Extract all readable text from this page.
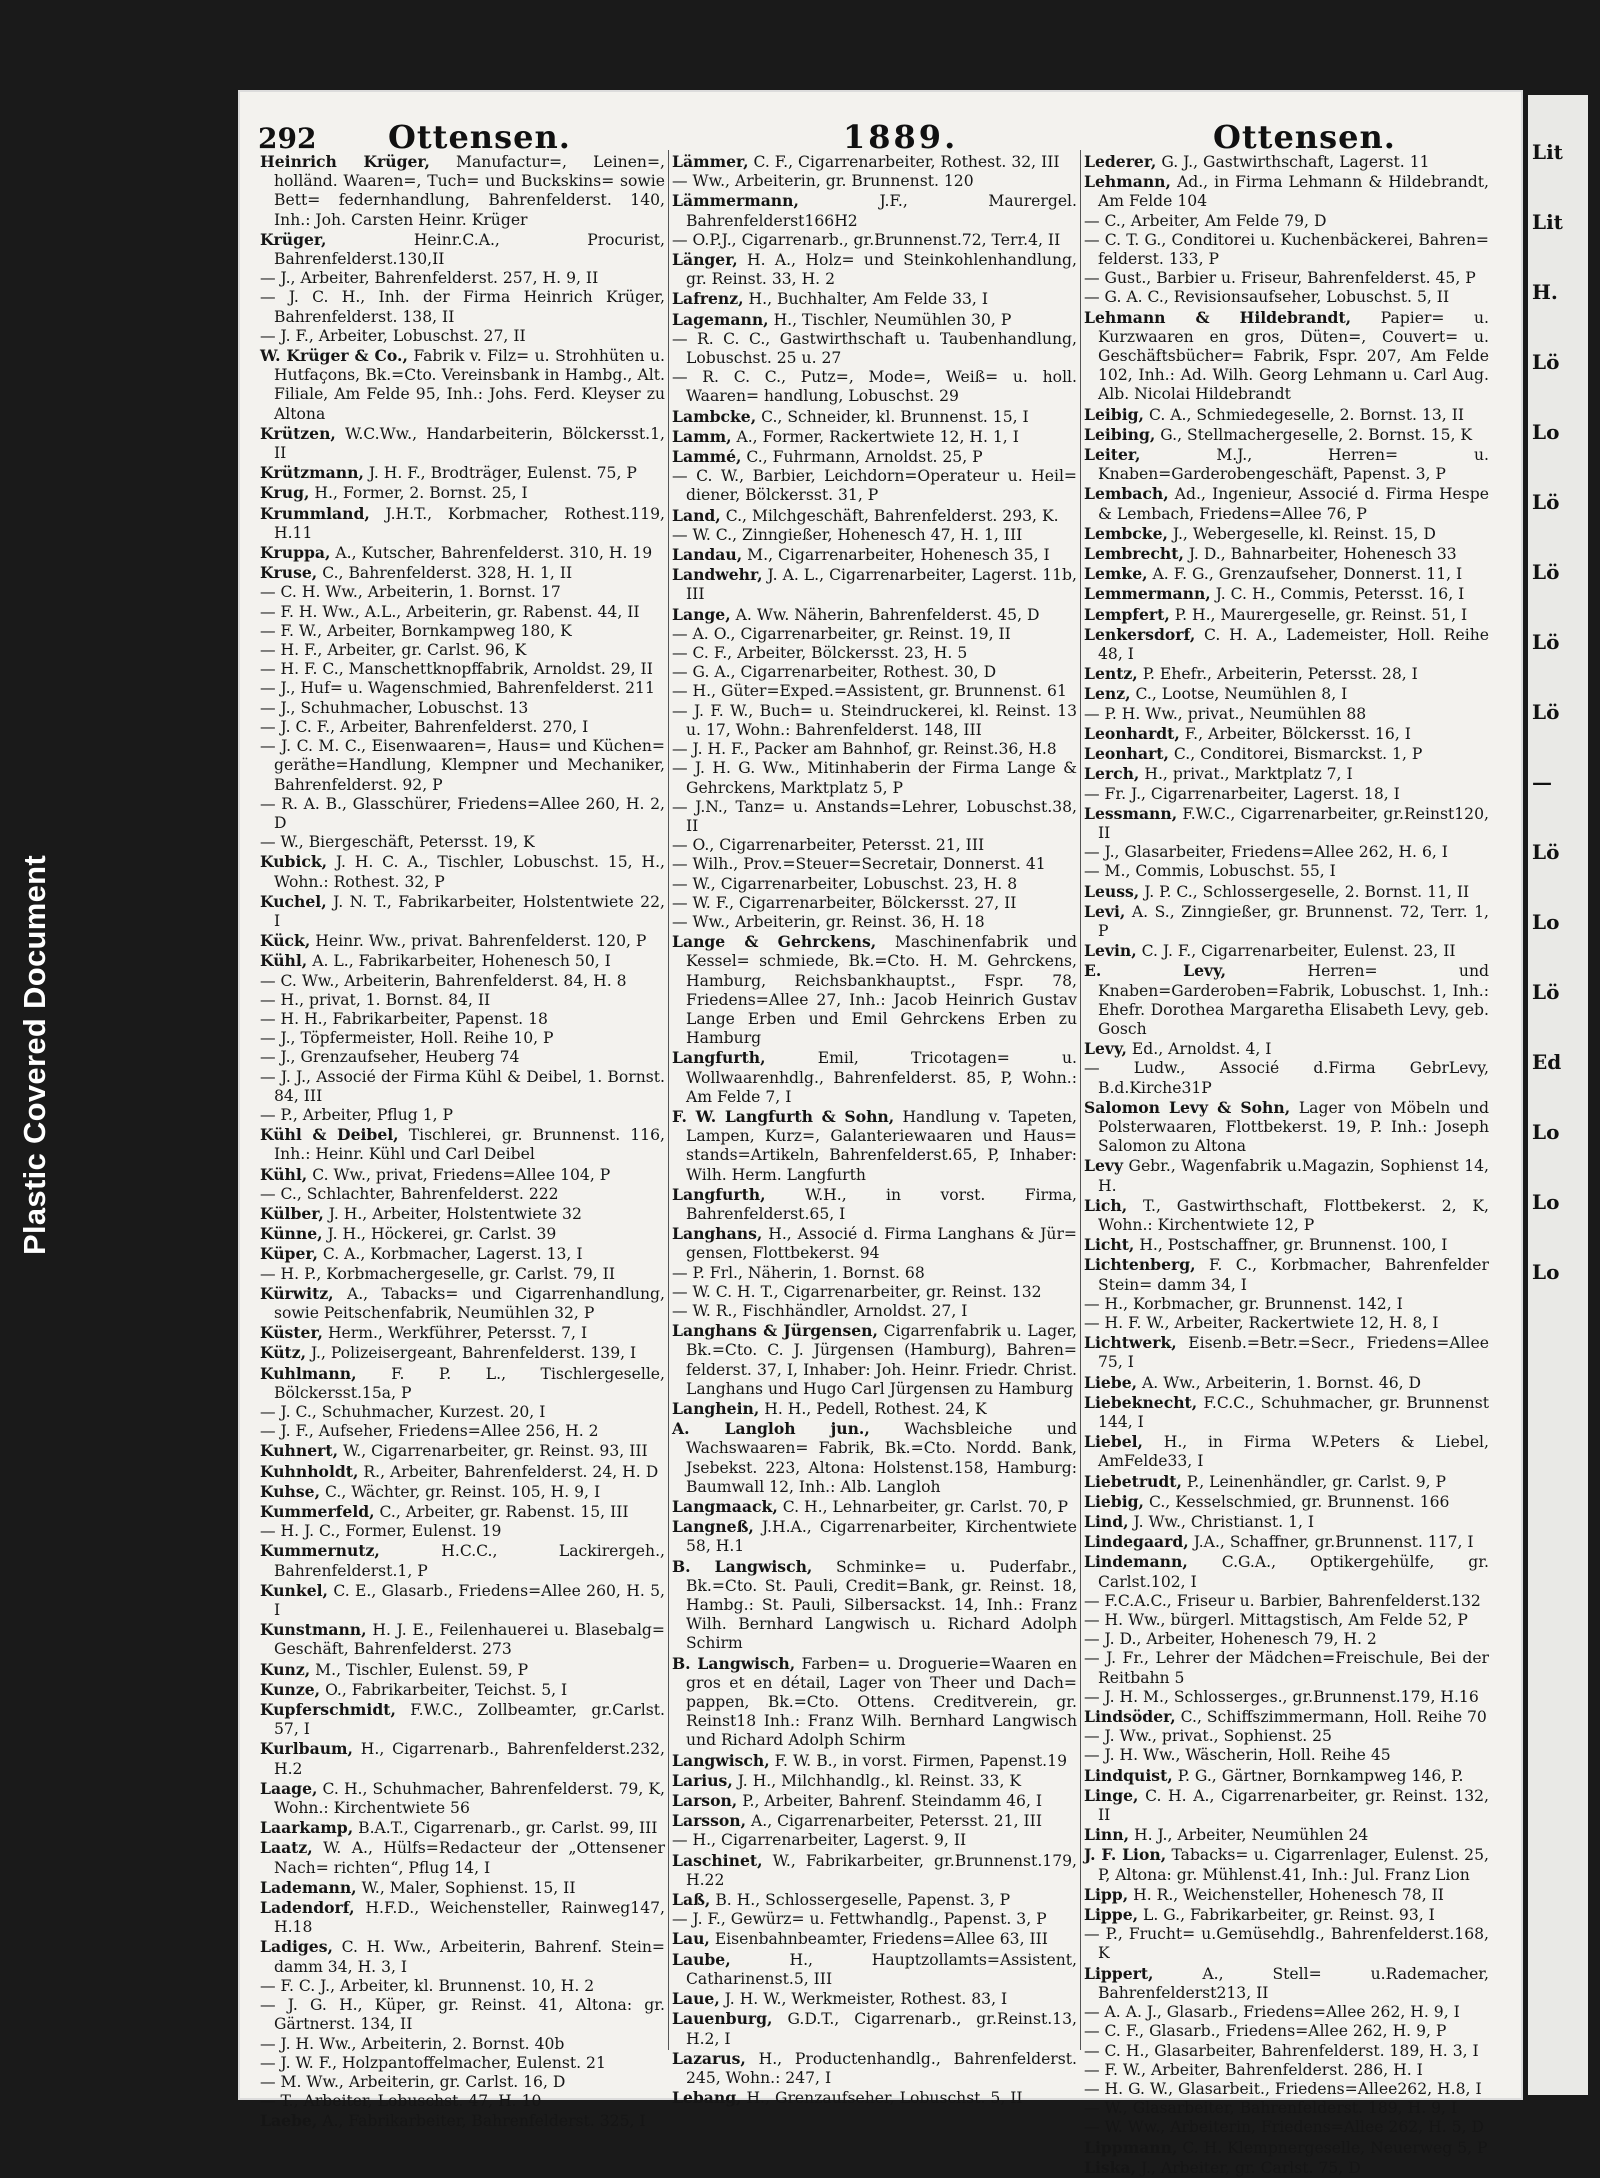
Plastic Covered Document
Lit
Lit
H.
Lö
Lo
Lö
Lö
Lö
Lö
—
Lö
Lo
Lö
Ed
Lo
Lo
Lo
292 Ottensen.	1889.	Ottensen.
Heinrich Krüger, Manufactur=, Leinen=, holländ. Waaren=, Tuch= und Buckskins= sowie Bett= federnhandlung, Bahrenfelderst. 140, Inh.: Joh. Carsten Heinr. Krüger
Krüger,	Heinr.C.A., Procurist, Bahrenfelderst.130,II
— J., Arbeiter, Bahrenfelderst. 257, H. 9, II
— J. C. H., Inh. der Firma Heinrich Krüger, Bahrenfelderst. 138, II
— J. F., Arbeiter, Lobuschst. 27, II
W. Krüger & Co., Fabrik v. Filz= u. Strohhüten u. Hutfaçons, Bk.=Cto. Vereinsbank in Hambg., Alt. Filiale, Am Felde 95, Inh.: Johs. Ferd. Kleyser zu Altona
Krützen, W.C.Ww., Handarbeiterin, Bölckersst.1, II
Krützmann, J. H. F., Brodträger, Eulenst. 75, P
Krug, H., Former, 2. Bornst. 25, I
Krummland, J.H.T., Korbmacher, Rothest.119, H.11
Kruppa, A., Kutscher, Bahrenfelderst. 310, H. 19
Kruse, C., Bahrenfelderst. 328, H. 1, II
— C. H. Ww., Arbeiterin, 1. Bornst. 17
— F. H. Ww., A.L., Arbeiterin, gr. Rabenst. 44, II
— F. W., Arbeiter, Bornkampweg 180, K
— H. F., Arbeiter, gr. Carlst. 96, K
— H. F. C., Manschettknopffabrik, Arnoldst. 29, II
— J., Huf= u. Wagenschmied, Bahrenfelderst. 211
— J., Schuhmacher, Lobuschst. 13
— J. C. F., Arbeiter, Bahrenfelderst. 270, I
— J. C. M. C., Eisenwaaren=, Haus= und Küchen= geräthe=Handlung, Klempner und Mechaniker, Bahrenfelderst. 92, P
— R. A. B., Glasschürer, Friedens=Allee 260, H. 2, D
— W., Biergeschäft, Petersst. 19, K
Kubick, J. H. C. A., Tischler, Lobuschst. 15, H., Wohn.: Rothest. 32, P
Kuchel, J. N. T., Fabrikarbeiter, Holstentwiete 22, I
Kück, Heinr. Ww., privat. Bahrenfelderst. 120, P
Kühl, A. L., Fabrikarbeiter, Hohenesch 50, I
— C. Ww., Arbeiterin, Bahrenfelderst. 84, H. 8
— H., privat, 1. Bornst. 84, II
— H. H., Fabrikarbeiter, Papenst. 18
— J., Töpfermeister, Holl. Reihe 10, P
— J., Grenzaufseher, Heuberg 74
— J. J., Associé der Firma Kühl & Deibel, 1. Bornst. 84, III
— P., Arbeiter, Pflug 1, P
Kühl & Deibel, Tischlerei, gr. Brunnenst. 116, Inh.: Heinr. Kühl und Carl Deibel
Kühl, C. Ww., privat, Friedens=Allee 104, P
— C., Schlachter, Bahrenfelderst. 222
Külber, J. H., Arbeiter, Holstentwiete 32
Künne, J. H., Höckerei, gr. Carlst. 39
Küper, C. A., Korbmacher, Lagerst. 13, I
— H. P., Korbmachergeselle, gr. Carlst. 79, II
Kürwitz, A., Tabacks= und Cigarrenhandlung, sowie Peitschenfabrik, Neumühlen 32, P
Küster, Herm., Werkführer, Petersst. 7, I
Kütz, J., Polizeisergeant, Bahrenfelderst. 139, I
Kuhlmann, F. P. L., Tischlergeselle, Bölckersst.15a, P
— J. C., Schuhmacher, Kurzest. 20, I
— J. F., Aufseher, Friedens=Allee 256, H. 2
Kuhnert, W., Cigarrenarbeiter, gr. Reinst. 93, III
Kuhnholdt, R., Arbeiter, Bahrenfelderst. 24, H. D
Kuhse, C., Wächter, gr. Reinst. 105, H. 9, I
Kummerfeld, C., Arbeiter, gr. Rabenst. 15, III
— H. J. C., Former, Eulenst. 19
Kummernutz,	H.C.C., Lackirergeh., Bahrenfelderst.1, P
Kunkel, C. E., Glasarb., Friedens=Allee 260, H. 5, I
Kunstmann, H. J. E., Feilenhauerei u. Blasebalg= Geschäft, Bahrenfelderst. 273
Kunz, M., Tischler, Eulenst. 59, P
Kunze, O., Fabrikarbeiter, Teichst. 5, I
Kupferschmidt, F.W.C., Zollbeamter, gr.Carlst. 57, I
Kurlbaum, H., Cigarrenarb., Bahrenfelderst.232, H.2
Laage, C. H., Schuhmacher, Bahrenfelderst. 79, K, Wohn.: Kirchentwiete 56
Laarkamp, B.A.T., Cigarrenarb., gr. Carlst. 99, III
Laatz, W. A., Hülfs=Redacteur der „Ottensener Nach= richten“, Pflug 14, I
Lademann, W., Maler, Sophienst. 15, II
Ladendorf, H.F.D., Weichensteller, Rainweg147, H.18
Ladiges, C. H. Ww., Arbeiterin, Bahrenf. Stein= damm 34, H. 3, I
— F. C. J., Arbeiter, kl. Brunnenst. 10, H. 2
— J. G. H., Küper, gr. Reinst. 41, Altona: gr. Gärtnerst. 134, II
— J. H. Ww., Arbeiterin, 2. Bornst. 40b
— J. W. F., Holzpantoffelmacher, Eulenst. 21
— M. Ww., Arbeiterin, gr. Carlst. 16, D
— T., Arbeiter, Lobuschst. 47, H. 10
Laebe, A., Fabrikarbeiter, Bahrenfelderst. 325, I
Lämmer, C. F., Cigarrenarbeiter, Rothest. 32, III
— Ww., Arbeiterin, gr. Brunnenst. 120
Lämmermann,	J.F., Maurergel. Bahrenfelderst166H2
— O.P.J., Cigarrenarb., gr.Brunnenst.72, Terr.4, II
Länger, H. A., Holz= und Steinkohlenhandlung, gr. Reinst. 33, H. 2
Lafrenz, H., Buchhalter, Am Felde 33, I
Lagemann, H., Tischler, Neumühlen 30, P
— R. C. C., Gastwirthschaft u. Taubenhandlung, Lobuschst. 25 u. 27
— R. C. C., Putz=, Mode=, Weiß= u. holl. Waaren= handlung, Lobuschst. 29
Lambcke, C., Schneider, kl. Brunnenst. 15, I
Lamm, A., Former, Rackertwiete 12, H. 1, I
Lammé, C., Fuhrmann, Arnoldst. 25, P
— C. W., Barbier, Leichdorn=Operateur u. Heil= diener, Bölckersst. 31, P
Land, C., Milchgeschäft, Bahrenfelderst. 293, K.
— W. C., Zinngießer, Hohenesch 47, H. 1, III
Landau, M., Cigarrenarbeiter, Hohenesch 35, I
Landwehr, J. A. L., Cigarrenarbeiter, Lagerst. 11b, III
Lange, A. Ww. Näherin, Bahrenfelderst. 45, D
— A. O., Cigarrenarbeiter, gr. Reinst. 19, II
— C. F., Arbeiter, Bölckersst. 23, H. 5
— G. A., Cigarrenarbeiter, Rothest. 30, D
— H., Güter=Exped.=Assistent, gr. Brunnenst. 61
— J. F. W., Buch= u. Steindruckerei, kl. Reinst. 13 u. 17, Wohn.: Bahrenfelderst. 148, III
— J. H. F., Packer am Bahnhof, gr. Reinst.36, H.8
— J. H. G. Ww., Mitinhaberin der Firma Lange & Gehrckens, Marktplatz 5, P
— J.N., Tanz= u. Anstands=Lehrer, Lobuschst.38, II
— O., Cigarrenarbeiter, Petersst. 21, III
— Wilh., Prov.=Steuer=Secretair, Donnerst. 41
— W., Cigarrenarbeiter, Lobuschst. 23, H. 8
— W. F., Cigarrenarbeiter, Bölckersst. 27, II
— Ww., Arbeiterin, gr. Reinst. 36, H. 18
Lange & Gehrckens, Maschinenfabrik und Kessel= schmiede, Bk.=Cto. H. M. Gehrckens, Hamburg, Reichsbankhauptst., Fspr. 78, Friedens=Allee 27, Inh.: Jacob Heinrich Gustav Lange Erben und Emil Gehrckens Erben zu Hamburg
Langfurth,	Emil, Tricotagen= u. Wollwaarenhdlg., Bahrenfelderst. 85, P, Wohn.: Am Felde 7, I
F. W. Langfurth & Sohn, Handlung v. Tapeten, Lampen, Kurz=, Galanteriewaaren und Haus= stands=Artikeln, Bahrenfelderst.65, P, Inhaber: Wilh. Herm. Langfurth
Langfurth,	W.H., in vorst. Firma, Bahrenfelderst.65, I
Langhans, H., Associé d. Firma Langhans & Jür= gensen, Flottbekerst. 94
— P. Frl., Näherin, 1. Bornst. 68
— W. C. H. T., Cigarrenarbeiter, gr. Reinst. 132
— W. R., Fischhändler, Arnoldst. 27, I
Langhans & Jürgensen, Cigarrenfabrik u. Lager, Bk.=Cto. C. J. Jürgensen (Hamburg), Bahren= felderst. 37, I, Inhaber: Joh. Heinr. Friedr. Christ. Langhans und Hugo Carl Jürgensen zu Hamburg
Langhein, H. H., Pedell, Rothest. 24, K
A. Langloh jun., Wachsbleiche und Wachswaaren= Fabrik, Bk.=Cto. Nordd. Bank, Jsebekst. 223, Altona: Holstenst.158, Hamburg: Baumwall 12, Inh.: Alb. Langloh
Langmaack, C. H., Lehnarbeiter, gr. Carlst. 70, P
Langneß, J.H.A., Cigarrenarbeiter, Kirchentwiete 58, H.1
B. Langwisch, Schminke= u. Puderfabr., Bk.=Cto. St. Pauli, Credit=Bank, gr. Reinst. 18, Hambg.: St. Pauli, Silbersackst. 14, Inh.: Franz Wilh. Bernhard Langwisch u. Richard Adolph Schirm
B. Langwisch, Farben= u. Droguerie=Waaren en gros et en détail, Lager von Theer und Dach= pappen, Bk.=Cto. Ottens. Creditverein, gr. Reinst18 Inh.: Franz Wilh. Bernhard Langwisch und Richard Adolph Schirm
Langwisch, F. W. B., in vorst. Firmen, Papenst.19
Larius, J. H., Milchhandlg., kl. Reinst. 33, K
Larson, P., Arbeiter, Bahrenf. Steindamm 46, I
Larsson, A., Cigarrenarbeiter, Petersst. 21, III
— H., Cigarrenarbeiter, Lagerst. 9, II
Laschinet, W., Fabrikarbeiter, gr.Brunnenst.179, H.22
Laß, B. H., Schlossergeselle, Papenst. 3, P
— J. F., Gewürz= u. Fettwhandlg., Papenst. 3, P
Lau, Eisenbahnbeamter, Friedens=Allee 63, III
Laube,	H., Hauptzollamts=Assistent, Catharinenst.5, III
Laue, J. H. W., Werkmeister, Rothest. 83, I
Lauenburg, G.D.T., Cigarrenarb., gr.Reinst.13, H.2, I
Lazarus, H., Productenhandlg., Bahrenfelderst. 245, Wohn.: 247, I
Lebang, H., Grenzaufseher, Lobuschst. 5, II
Lederer, G. J., Gastwirthschaft, Lagerst. 11
Lehmann, Ad., in Firma Lehmann & Hildebrandt, Am Felde 104
— C., Arbeiter, Am Felde 79, D
— C. T. G., Conditorei u. Kuchenbäckerei, Bahren= felderst. 133, P
— Gust., Barbier u. Friseur, Bahrenfelderst. 45, P
— G. A. C., Revisionsaufseher, Lobuschst. 5, II
Lehmann & Hildebrandt, Papier= u. Kurzwaaren en gros, Düten=, Couvert= u. Geschäftsbücher= Fabrik, Fspr. 207, Am Felde 102, Inh.: Ad. Wilh. Georg Lehmann u. Carl Aug. Alb. Nicolai Hildebrandt
Leibig, C. A., Schmiedegeselle, 2. Bornst. 13, II
Leibing, G., Stellmachergeselle, 2. Bornst. 15, K
Leiter,	M.J., Herren= u. Knaben=Garderobengeschäft, Papenst. 3, P
Lembach, Ad., Ingenieur, Associé d. Firma Hespe & Lembach, Friedens=Allee 76, P
Lembcke, J., Webergeselle, kl. Reinst. 15, D
Lembrecht, J. D., Bahnarbeiter, Hohenesch 33
Lemke, A. F. G., Grenzaufseher, Donnerst. 11, I
Lemmermann, J. C. H., Commis, Petersst. 16, I
Lempfert, P. H., Maurergeselle, gr. Reinst. 51, I
Lenkersdorf, C. H. A., Lademeister, Holl. Reihe 48, I
Lentz, P. Ehefr., Arbeiterin, Petersst. 28, I
Lenz, C., Lootse, Neumühlen 8, I
— P. H. Ww., privat., Neumühlen 88
Leonhardt, F., Arbeiter, Bölckersst. 16, I
Leonhart, C., Conditorei, Bismarckst. 1, P
Lerch, H., privat., Marktplatz 7, I
— Fr. J., Cigarrenarbeiter, Lagerst. 18, I
Lessmann, F.W.C., Cigarrenarbeiter, gr.Reinst120, II
— J., Glasarbeiter, Friedens=Allee 262, H. 6, I
— M., Commis, Lobuschst. 55, I
Leuss, J. P. C., Schlossergeselle, 2. Bornst. 11, II
Levi, A. S., Zinngießer, gr. Brunnenst. 72, Terr. 1, P
Levin, C. J. F., Cigarrenarbeiter, Eulenst. 23, II
E. Levy,	Herren= und Knaben=Garderoben=Fabrik, Lobuschst. 1, Inh.: Ehefr. Dorothea Margaretha Elisabeth Levy, geb. Gosch
Levy, Ed., Arnoldst. 4, I
— Ludw., Associé d.Firma GebrLevy, B.d.Kirche31P
Salomon Levy & Sohn, Lager von Möbeln und Polsterwaaren, Flottbekerst. 19, P. Inh.: Joseph Salomon zu Altona
Levy Gebr., Wagenfabrik u.Magazin, Sophienst 14, H.
Lich, T., Gastwirthschaft, Flottbekerst. 2, K, Wohn.: Kirchentwiete 12, P
Licht, H., Postschaffner, gr. Brunnenst. 100, I
Lichtenberg, F. C., Korbmacher, Bahrenfelder Stein= damm 34, I
— H., Korbmacher, gr. Brunnenst. 142, I
— H. F. W., Arbeiter, Rackertwiete 12, H. 8, I
Lichtwerk, Eisenb.=Betr.=Secr., Friedens=Allee 75, I
Liebe, A. Ww., Arbeiterin, 1. Bornst. 46, D
Liebeknecht, F.C.C., Schuhmacher, gr. Brunnenst 144, I
Liebel, H., in Firma W.Peters & Liebel, AmFelde33, I
Liebetrudt, P., Leinenhändler, gr. Carlst. 9, P
Liebig, C., Kesselschmied, gr. Brunnenst. 166
Lind, J. Ww., Christianst. 1, I
Lindegaard, J.A., Schaffner, gr.Brunnenst. 117, I
Lindemann, C.G.A., Optikergehülfe, gr. Carlst.102, I
— F.C.A.C., Friseur u. Barbier, Bahrenfelderst.132
— H. Ww., bürgerl. Mittagstisch, Am Felde 52, P
— J. D., Arbeiter, Hohenesch 79, H. 2
— J. Fr., Lehrer der Mädchen=Freischule, Bei der Reitbahn 5
— J. H. M., Schlosserges., gr.Brunnenst.179, H.16
Lindsöder, C., Schiffszimmermann, Holl. Reihe 70
— J. Ww., privat., Sophienst. 25
— J. H. Ww., Wäscherin, Holl. Reihe 45
Lindquist, P. G., Gärtner, Bornkampweg 146, P.
Linge, C. H. A., Cigarrenarbeiter, gr. Reinst. 132, II
Linn, H. J., Arbeiter, Neumühlen 24
J. F. Lion, Tabacks= u. Cigarrenlager, Eulenst. 25, P, Altona: gr. Mühlenst.41, Inh.: Jul. Franz Lion
Lipp, H. R., Weichensteller, Hohenesch 78, II
Lippe, L. G., Fabrikarbeiter, gr. Reinst. 93, I
— P., Frucht= u.Gemüsehdlg., Bahrenfelderst.168, K
Lippert,	A., Stell= u.Rademacher, Bahrenfelderst213, II
— A. A. J., Glasarb., Friedens=Allee 262, H. 9, I
— C. F., Glasarb., Friedens=Allee 262, H. 9, P
— C. H., Glasarbeiter, Bahrenfelderst. 189, H. 3, I
— F. W., Arbeiter, Bahrenfelderst. 286, H. I
— H. G. W., Glasarbeit., Friedens=Allee262, H.8, I
— W., Glasarbeiter, Bahrenfelderst. 189, H. 9, I
— W. Ww., Arbeiterin, Friedens=Allee 262, H. 5, D
Lippmann, C. H. Klempnergeselle, Neuerweg 5, P
Liska, J., Arbeiter, gr. Carlst. 75, D
